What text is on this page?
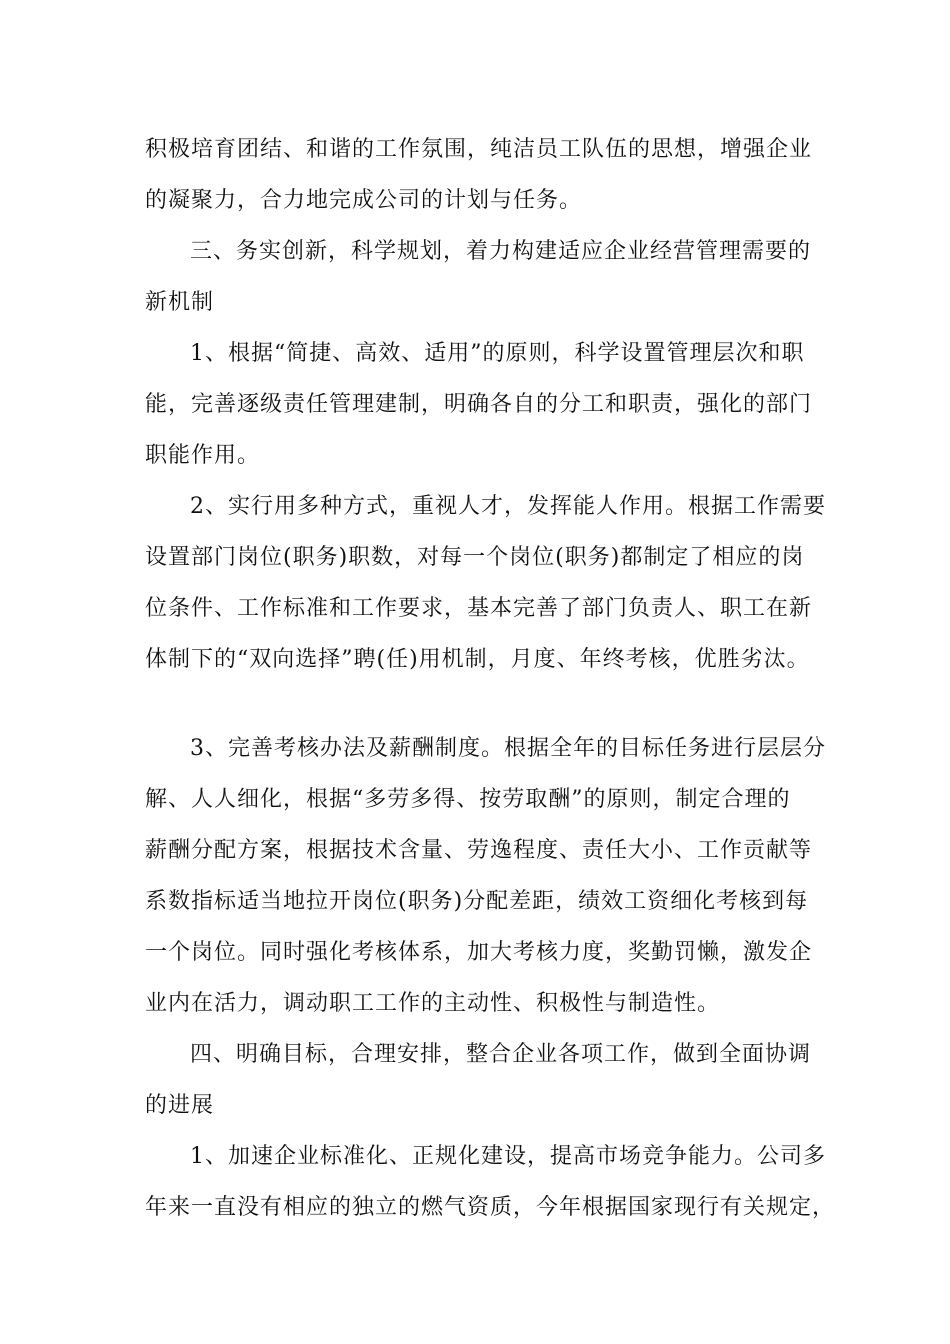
积极培育团结、和谐的工作氛围，纯洁员工队伍的思想，增强企业
的凝聚力，合力地完成公司的计划与任务。
三、务实创新，科学规划，着力构建适应企业经营管理需要的
新机制
1、根据“简捷、高效、适用”的原则，科学设置管理层次和职
能，完善逐级责任管理建制，明确各自的分工和职责，强化的部门
职能作用。
2、实行用多种方式，重视人才，发挥能人作用。根据工作需要
设置部门岗位(职务)职数，对每一个岗位(职务)都制定了相应的岗
位条件、工作标准和工作要求，基本完善了部门负责人、职工在新
体制下的“双向选择”聘(任)用机制，月度、年终考核，优胜劣汰。
3、完善考核办法及薪酬制度。根据全年的目标任务进行层层分
解、人人细化，根据“多劳多得、按劳取酬”的原则，制定合理的
薪酬分配方案，根据技术含量、劳逸程度、责任大小、工作贡献等
系数指标适当地拉开岗位(职务)分配差距，绩效工资细化考核到每
一个岗位。同时强化考核体系，加大考核力度，奖勤罚懒，激发企
业内在活力，调动职工工作的主动性、积极性与制造性。
四、明确目标，合理安排，整合企业各项工作，做到全面协调
的进展
1、加速企业标准化、正规化建设，提高市场竞争能力。公司多
年来一直没有相应的独立的燃气资质，今年根据国家现行有关规定，
